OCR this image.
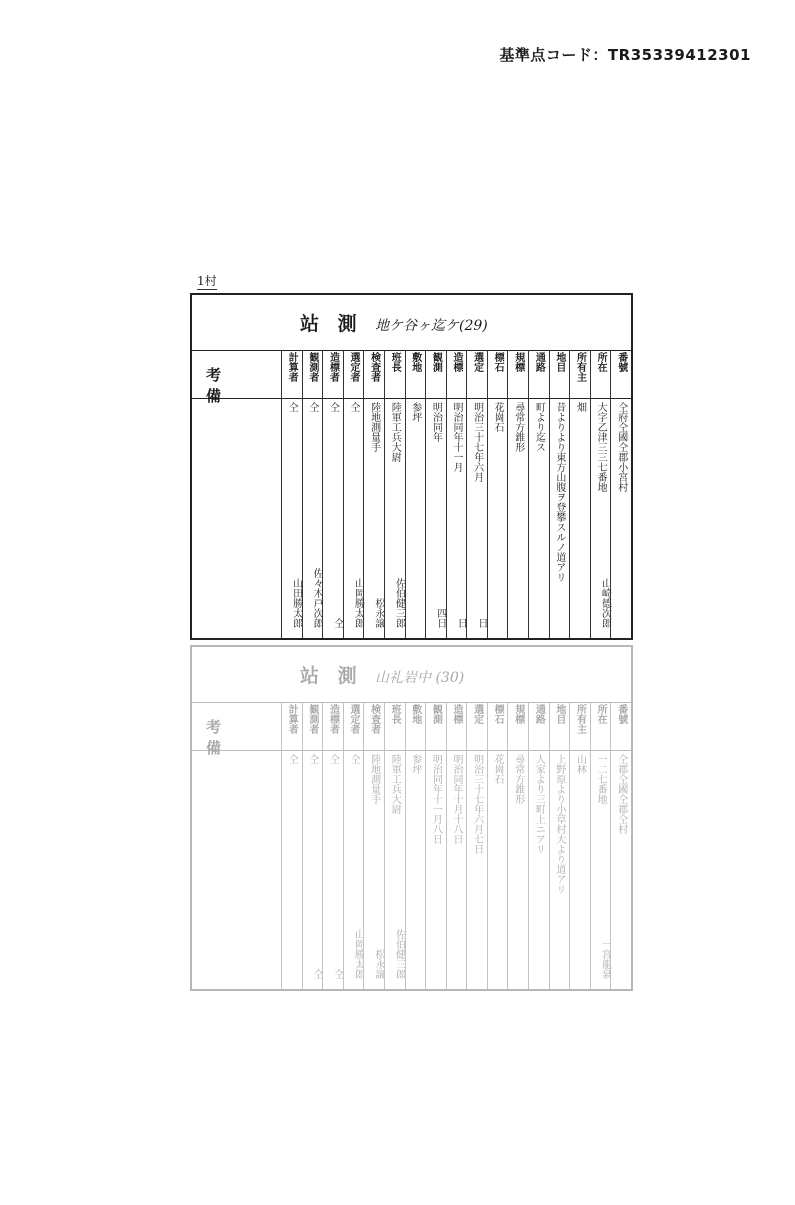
基準点コード：TR35339412301
1村
站 測 地ケ谷ヶ迄ケ(29)
考 備
計算者
仝
山田勝太郎
観測者
仝
佐々木戸次郎
造標者
仝
仝
選定者
仝
山岡勝太郎
検査者
陸地測量手
松永譲
班長
陸軍工兵大尉
佐伯健三郎
敷地
参坪
観測
明治同年
四日
造標
明治同年十一月
日
選定
明治三十七年六月
日
標石
花崗石
規標
尋常方錐形
通路
町より迄ス
地目
昔よりより東方山腹ヲ登攀スルノ道アリ
所有主
畑
所在
大字乙津三三七番地
山崎德次郎
番號
仝府仝國仝郡小宮村
站 測 山礼岩中 (30)
考 備
計算者
仝
観測者
仝
仝
造標者
仝
仝
選定者
仝
山岡勝太郎
検査者
陸地測量手
松永譲
班長
陸軍工兵大尉
佐伯健三郎
敷地
参坪
観測
明治同年十一月八日
造標
明治同年十月十八日
選定
明治三十七年六月七日
標石
花崗石
規標
尋常方錐形
通路
人家より三町上ニアリ
地目
上野原より小草村大より道アリ
所有主
山林
所在
一二七番地
一宮龍泉
番號
仝郡仝國仝郡仝村
